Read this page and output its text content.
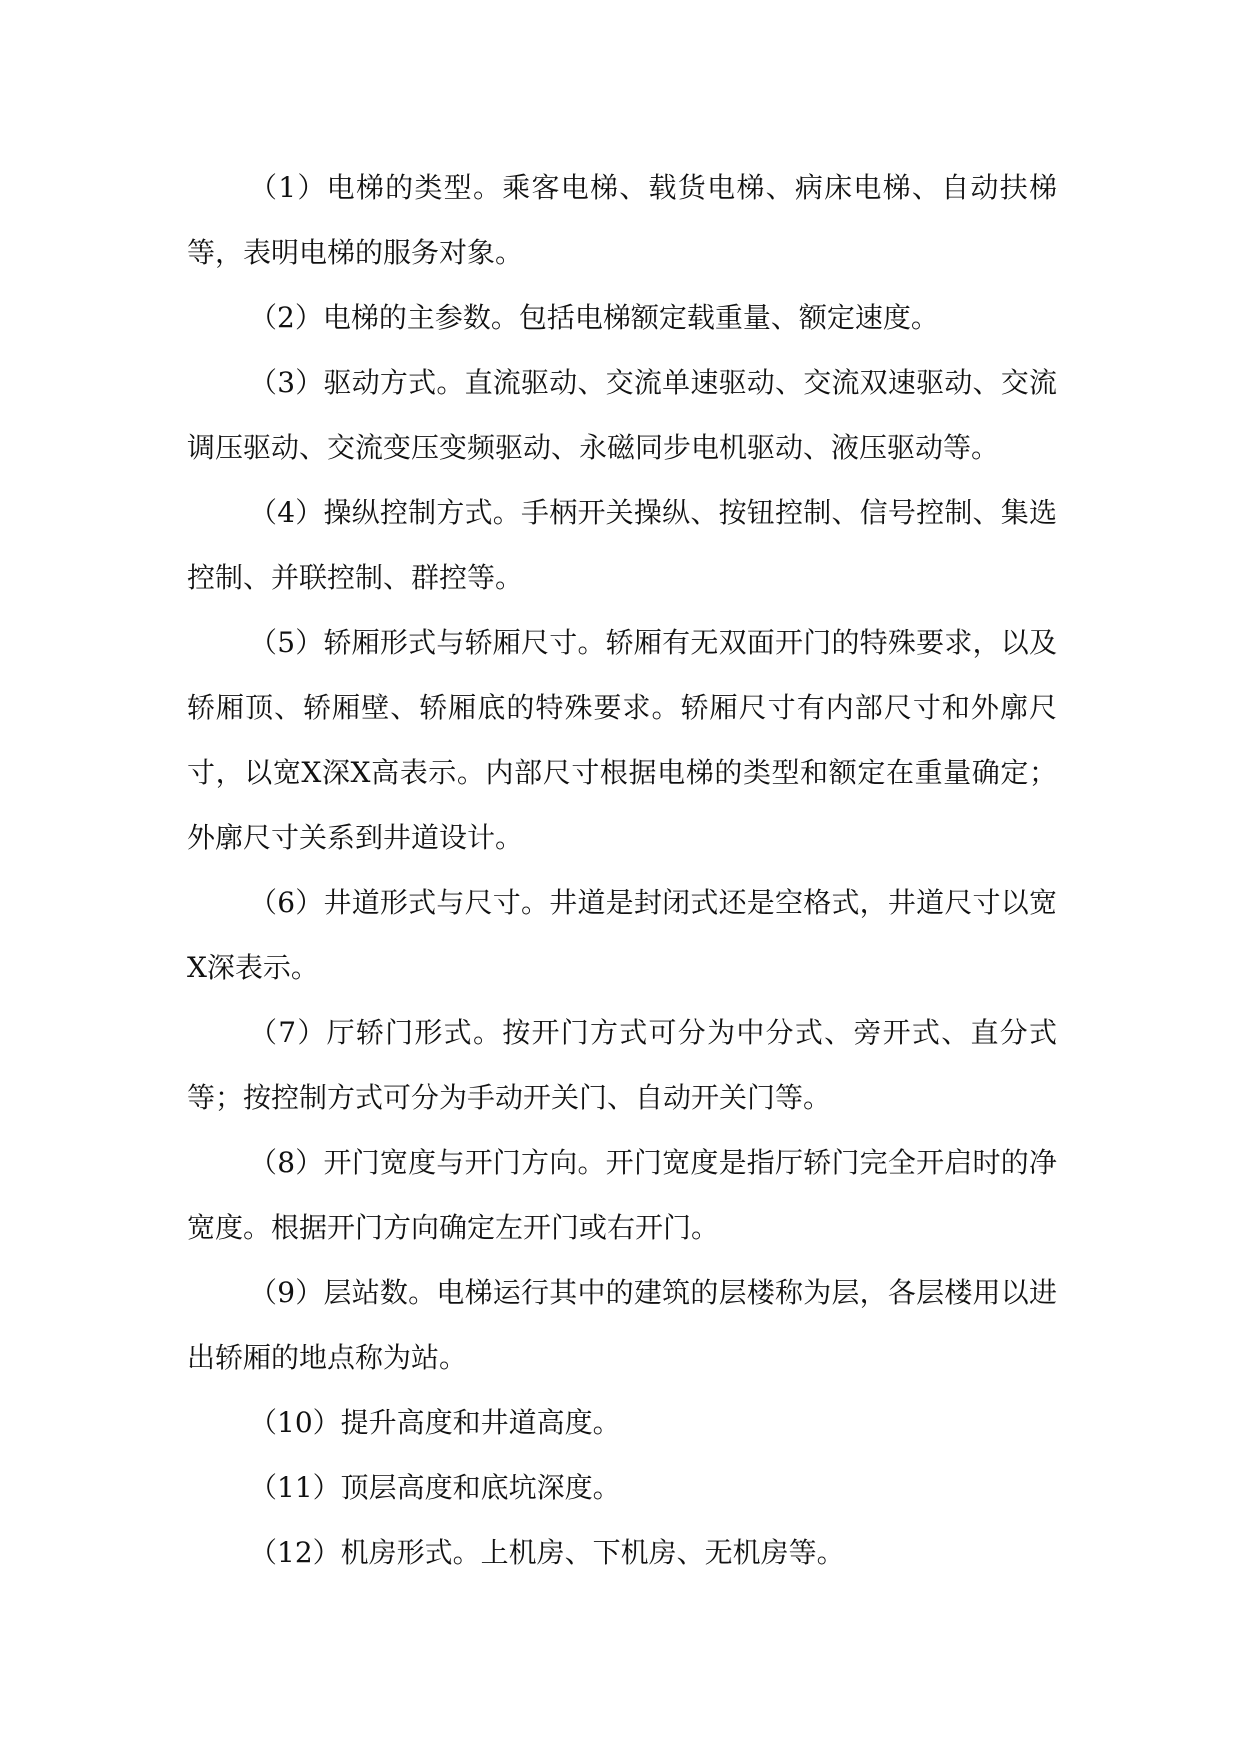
（1）电梯的类型。乘客电梯、载货电梯、病床电梯、自动扶梯等，表明电梯的服务对象。

（2）电梯的主参数。包括电梯额定载重量、额定速度。

（3）驱动方式。直流驱动、交流单速驱动、交流双速驱动、交流调压驱动、交流变压变频驱动、永磁同步电机驱动、液压驱动等。

（4）操纵控制方式。手柄开关操纵、按钮控制、信号控制、集选控制、并联控制、群控等。

（5）轿厢形式与轿厢尺寸。轿厢有无双面开门的特殊要求，以及轿厢顶、轿厢壁、轿厢底的特殊要求。轿厢尺寸有内部尺寸和外廓尺寸，以宽X深X高表示。内部尺寸根据电梯的类型和额定在重量确定；外廓尺寸关系到井道设计。

（6）井道形式与尺寸。井道是封闭式还是空格式，井道尺寸以宽X深表示。

（7）厅轿门形式。按开门方式可分为中分式、旁开式、直分式等；按控制方式可分为手动开关门、自动开关门等。

（8）开门宽度与开门方向。开门宽度是指厅轿门完全开启时的净宽度。根据开门方向确定左开门或右开门。

（9）层站数。电梯运行其中的建筑的层楼称为层，各层楼用以进出轿厢的地点称为站。

（10）提升高度和井道高度。

（11）顶层高度和底坑深度。

（12）机房形式。上机房、下机房、无机房等。
